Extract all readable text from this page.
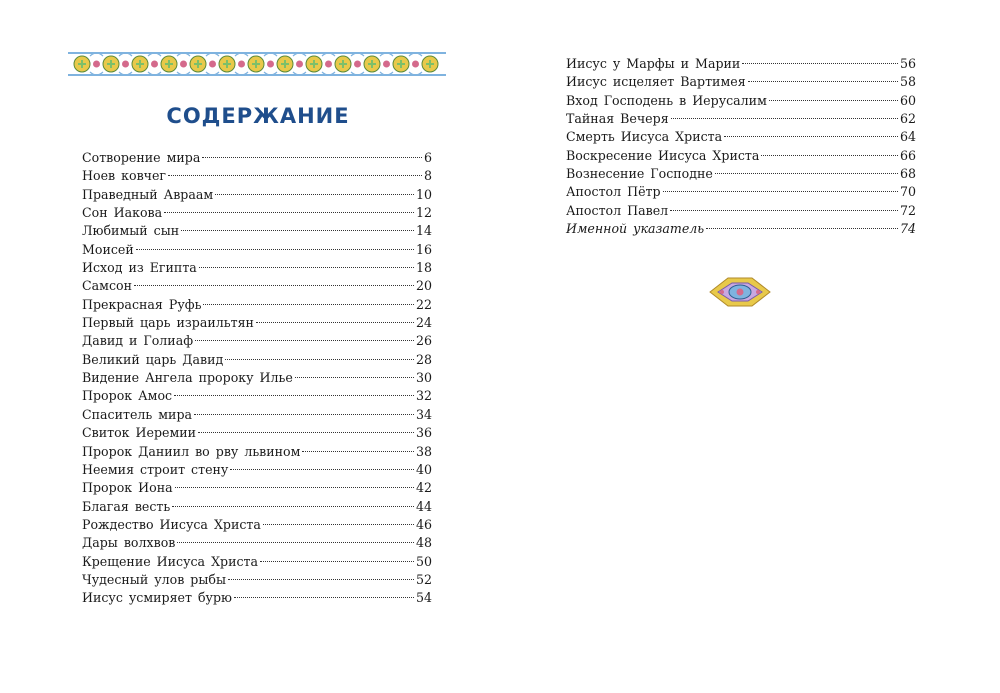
СОДЕРЖАНИЕ
Сотворение мира	6
Ноев ковчег	8
Праведный Авраам	10
Сон Иакова	12
Любимый сын	14
Моисей	16
Исход из Египта	18
Самсон	20
Прекрасная Руфь	22
Первый царь израильтян	24
Давид и Голиаф	26
Великий царь Давид	28
Видение Ангела пророку Илье	30
Пророк Амос	32
Спаситель мира	34
Свиток Иеремии	36
Пророк Даниил во рву львином	38
Неемия строит стену	40
Пророк Иона	42
Благая весть	44
Рождество Иисуса Христа	46
Дары волхвов	48
Крещение Иисуса Христа	50
Чудесный улов рыбы	52
Иисус усмиряет бурю	54
Иисус у Марфы и Марии	56
Иисус исцеляет Вартимея	58
Вход Господень в Иерусалим	60
Тайная Вечеря	62
Смерть Иисуса Христа	64
Воскресение Иисуса Христа	66
Вознесение Господне	68
Апостол Пётр	70
Апостол Павел	72
Именной указатель	74
